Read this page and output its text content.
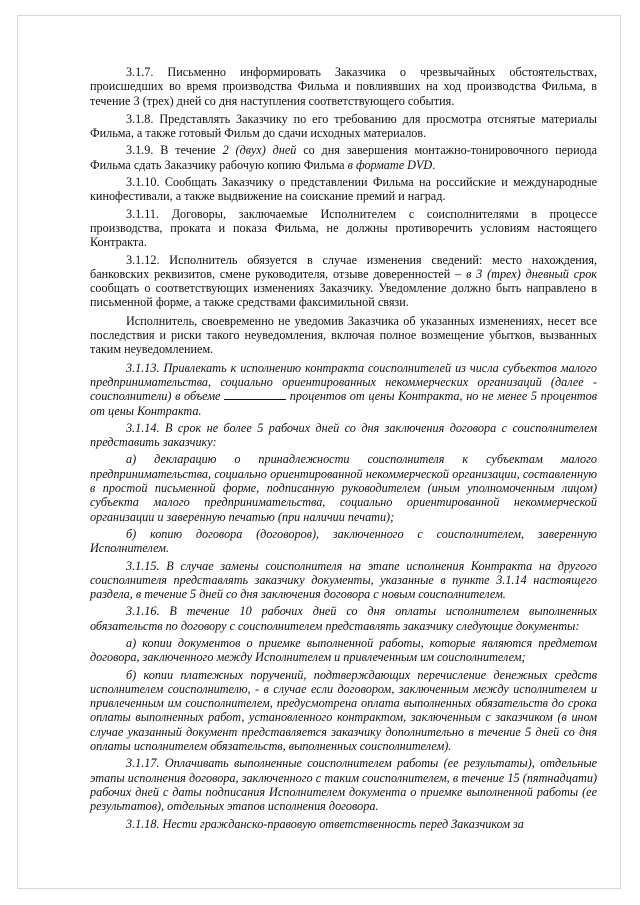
3.1.7. Письменно информировать Заказчика о чрезвычайных обстоятельствах, происшедших во время производства Фильма и повлиявших на ход производства Фильма, в течение 3 (трех) дней со дня наступления соответствующего события.

3.1.8. Представлять Заказчику по его требованию для просмотра отснятые материалы Фильма, а также готовый Фильм до сдачи исходных материалов.

3.1.9. В течение 2 (двух) дней со дня завершения монтажно-тонировочного периода Фильма сдать Заказчику рабочую копию Фильма в формате DVD.

3.1.10. Сообщать Заказчику о представлении Фильма на российские и международные кинофестивали, а также выдвижение на соискание премий и наград.

3.1.11. Договоры, заключаемые Исполнителем с соисполнителями в процессе производства, проката и показа Фильма, не должны противоречить условиям настоящего Контракта.

3.1.12. Исполнитель обязуется в случае изменения сведений: место нахождения, банковских реквизитов, смене руководителя, отзыве доверенностей – в 3 (трех) дневный срок сообщать о соответствующих изменениях Заказчику. Уведомление должно быть направлено в письменной форме, а также средствами факсимильной связи.

Исполнитель, своевременно не уведомив Заказчика об указанных изменениях, несет все последствия и риски такого неуведомления, включая полное возмещение убытков, вызванных таким неуведомлением.

3.1.13. Привлекать к исполнению контракта соисполнителей из числа субъектов малого предпринимательства, социально ориентированных некоммерческих организаций (далее - соисполнители) в объеме	процентов от цены Контракта, но не менее 5 процентов от цены Контракта.

3.1.14. В срок не более 5 рабочих дней со дня заключения договора с соисполнителем представить заказчику:

а) декларацию о принадлежности соисполнителя к субъектам малого предпринимательства, социально ориентированной некоммерческой организации, составленную в простой письменной форме, подписанную руководителем (иным уполномоченным лицом) субъекта малого предпринимательства, социально ориентированной некоммерческой организации и заверенную печатью (при наличии печати);

б) копию договора (договоров), заключенного с соисполнителем, заверенную Исполнителем.

3.1.15. В случае замены соисполнителя на этапе исполнения Контракта на другого соисполнителя представлять заказчику документы, указанные в пункте 3.1.14 настоящего раздела, в течение 5 дней со дня заключения договора с новым соисполнителем.

3.1.16. В течение 10 рабочих дней со дня оплаты исполнителем выполненных обязательств по договору с соисполнителем представлять заказчику следующие документы:

а) копии документов о приемке выполненной работы, которые являются предметом договора, заключенного между Исполнителем и привлеченным им соисполнителем;

б) копии платежных поручений, подтверждающих перечисление денежных средств исполнителем соисполнителю, - в случае если договором, заключенным между исполнителем и привлеченным им соисполнителем, предусмотрена оплата выполненных обязательств до срока оплаты выполненных работ, установленного контрактом, заключенным с заказчиком (в ином случае указанный документ представляется заказчику дополнительно в течение 5 дней со дня оплаты исполнителем обязательств, выполненных соисполнителем).

3.1.17. Оплачивать выполненные соисполнителем работы (ее результаты), отдельные этапы исполнения договора, заключенного с таким соисполнителем, в течение 15 (пятнадцати) рабочих дней с даты подписания Исполнителем документа о приемке выполненной работы (ее результатов), отдельных этапов исполнения договора.

3.1.18. Нести гражданско-правовую ответственность перед Заказчиком за
